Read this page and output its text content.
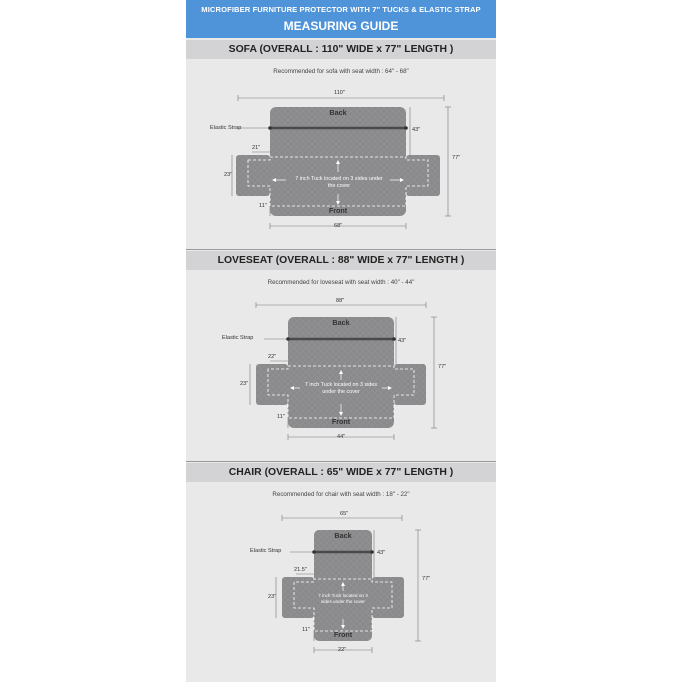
MICROFIBER FURNITURE PROTECTOR WITH 7" TUCKS & ELASTIC STRAP
MEASURING GUIDE
SOFA (OVERALL : 110" WIDE x 77" LENGTH )
Recommended for sofa with seat width : 64" - 68"
110"
Back
Elastic Strap	43"
77"
21"
23"
11"
68"
Front
7 inch Tuck located on 3 sides under the cover
LOVESEAT (OVERALL : 88" WIDE x 77" LENGTH )
Recommended for loveseat with seat width : 40" - 44"
88"
Back
Elastic Strap	43"
77"
22"
23"
11"
44"
Front
7 inch Tuck located on 3 sides under the cover
CHAIR (OVERALL : 65" WIDE x 77" LENGTH )
Recommended for chair with seat width : 18" - 22"
65"
Back
Elastic Strap	43"
77"
21.5"
23"
11"
22"
Front
7 inch Tuck located on 3 sides under the cover
